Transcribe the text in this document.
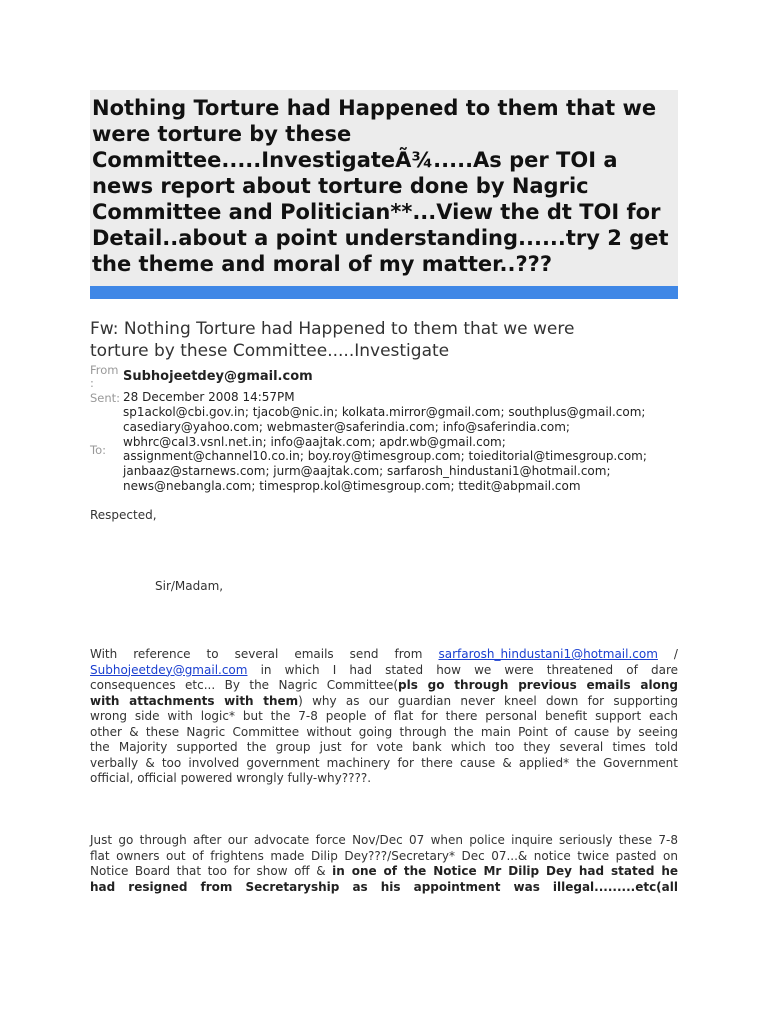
Nothing Torture had Happened to them that we
were torture by these
Committee.....InvestigateÃ¾.....As per TOI a
news report about torture done by Nagric
Committee and Politician**...View the dt TOI for
Detail..about a point understanding......try 2 get
the theme and moral of my matter..???
Fw: Nothing Torture had Happened to them that we were
torture by these Committee.....Investigate
From
: Subhojeetdey@gmail.com
Sent: 28 December 2008 14:57PM
To:
sp1ackol@cbi.gov.in; tjacob@nic.in; kolkata.mirror@gmail.com; southplus@gmail.com;
casediary@yahoo.com; webmaster@saferindia.com; info@saferindia.com;
wbhrc@cal3.vsnl.net.in; info@aajtak.com; apdr.wb@gmail.com;
assignment@channel10.co.in; boy.roy@timesgroup.com; toieditorial@timesgroup.com;
janbaaz@starnews.com; jurm@aajtak.com; sarfarosh_hindustani1@hotmail.com;
news@nebangla.com; timesprop.kol@timesgroup.com; ttedit@abpmail.com
Respected,
Sir/Madam,
With reference to several emails send from sarfarosh_hindustani1@hotmail.com /
Subhojeetdey@gmail.com in which I had stated how we were threatened of dare
consequences etc... By the Nagric Committee(pls go through previous emails along
with attachments with them) why as our guardian never kneel down for supporting
wrong side with logic* but the 7-8 people of flat for there personal benefit support each
other & these Nagric Committee without going through the main Point of cause by seeing
the Majority supported the group just for vote bank which too they several times told
verbally & too involved government machinery for there cause & applied* the Government
official, official powered wrongly fully-why????.
Just go through after our advocate force Nov/Dec 07 when police inquire seriously these 7-8
flat owners out of frightens made Dilip Dey???/Secretary* Dec 07...& notice twice pasted on
Notice Board that too for show off & in one of the Notice Mr Dilip Dey had stated he
had resigned from Secretaryship as his appointment was illegal.........etc(all
